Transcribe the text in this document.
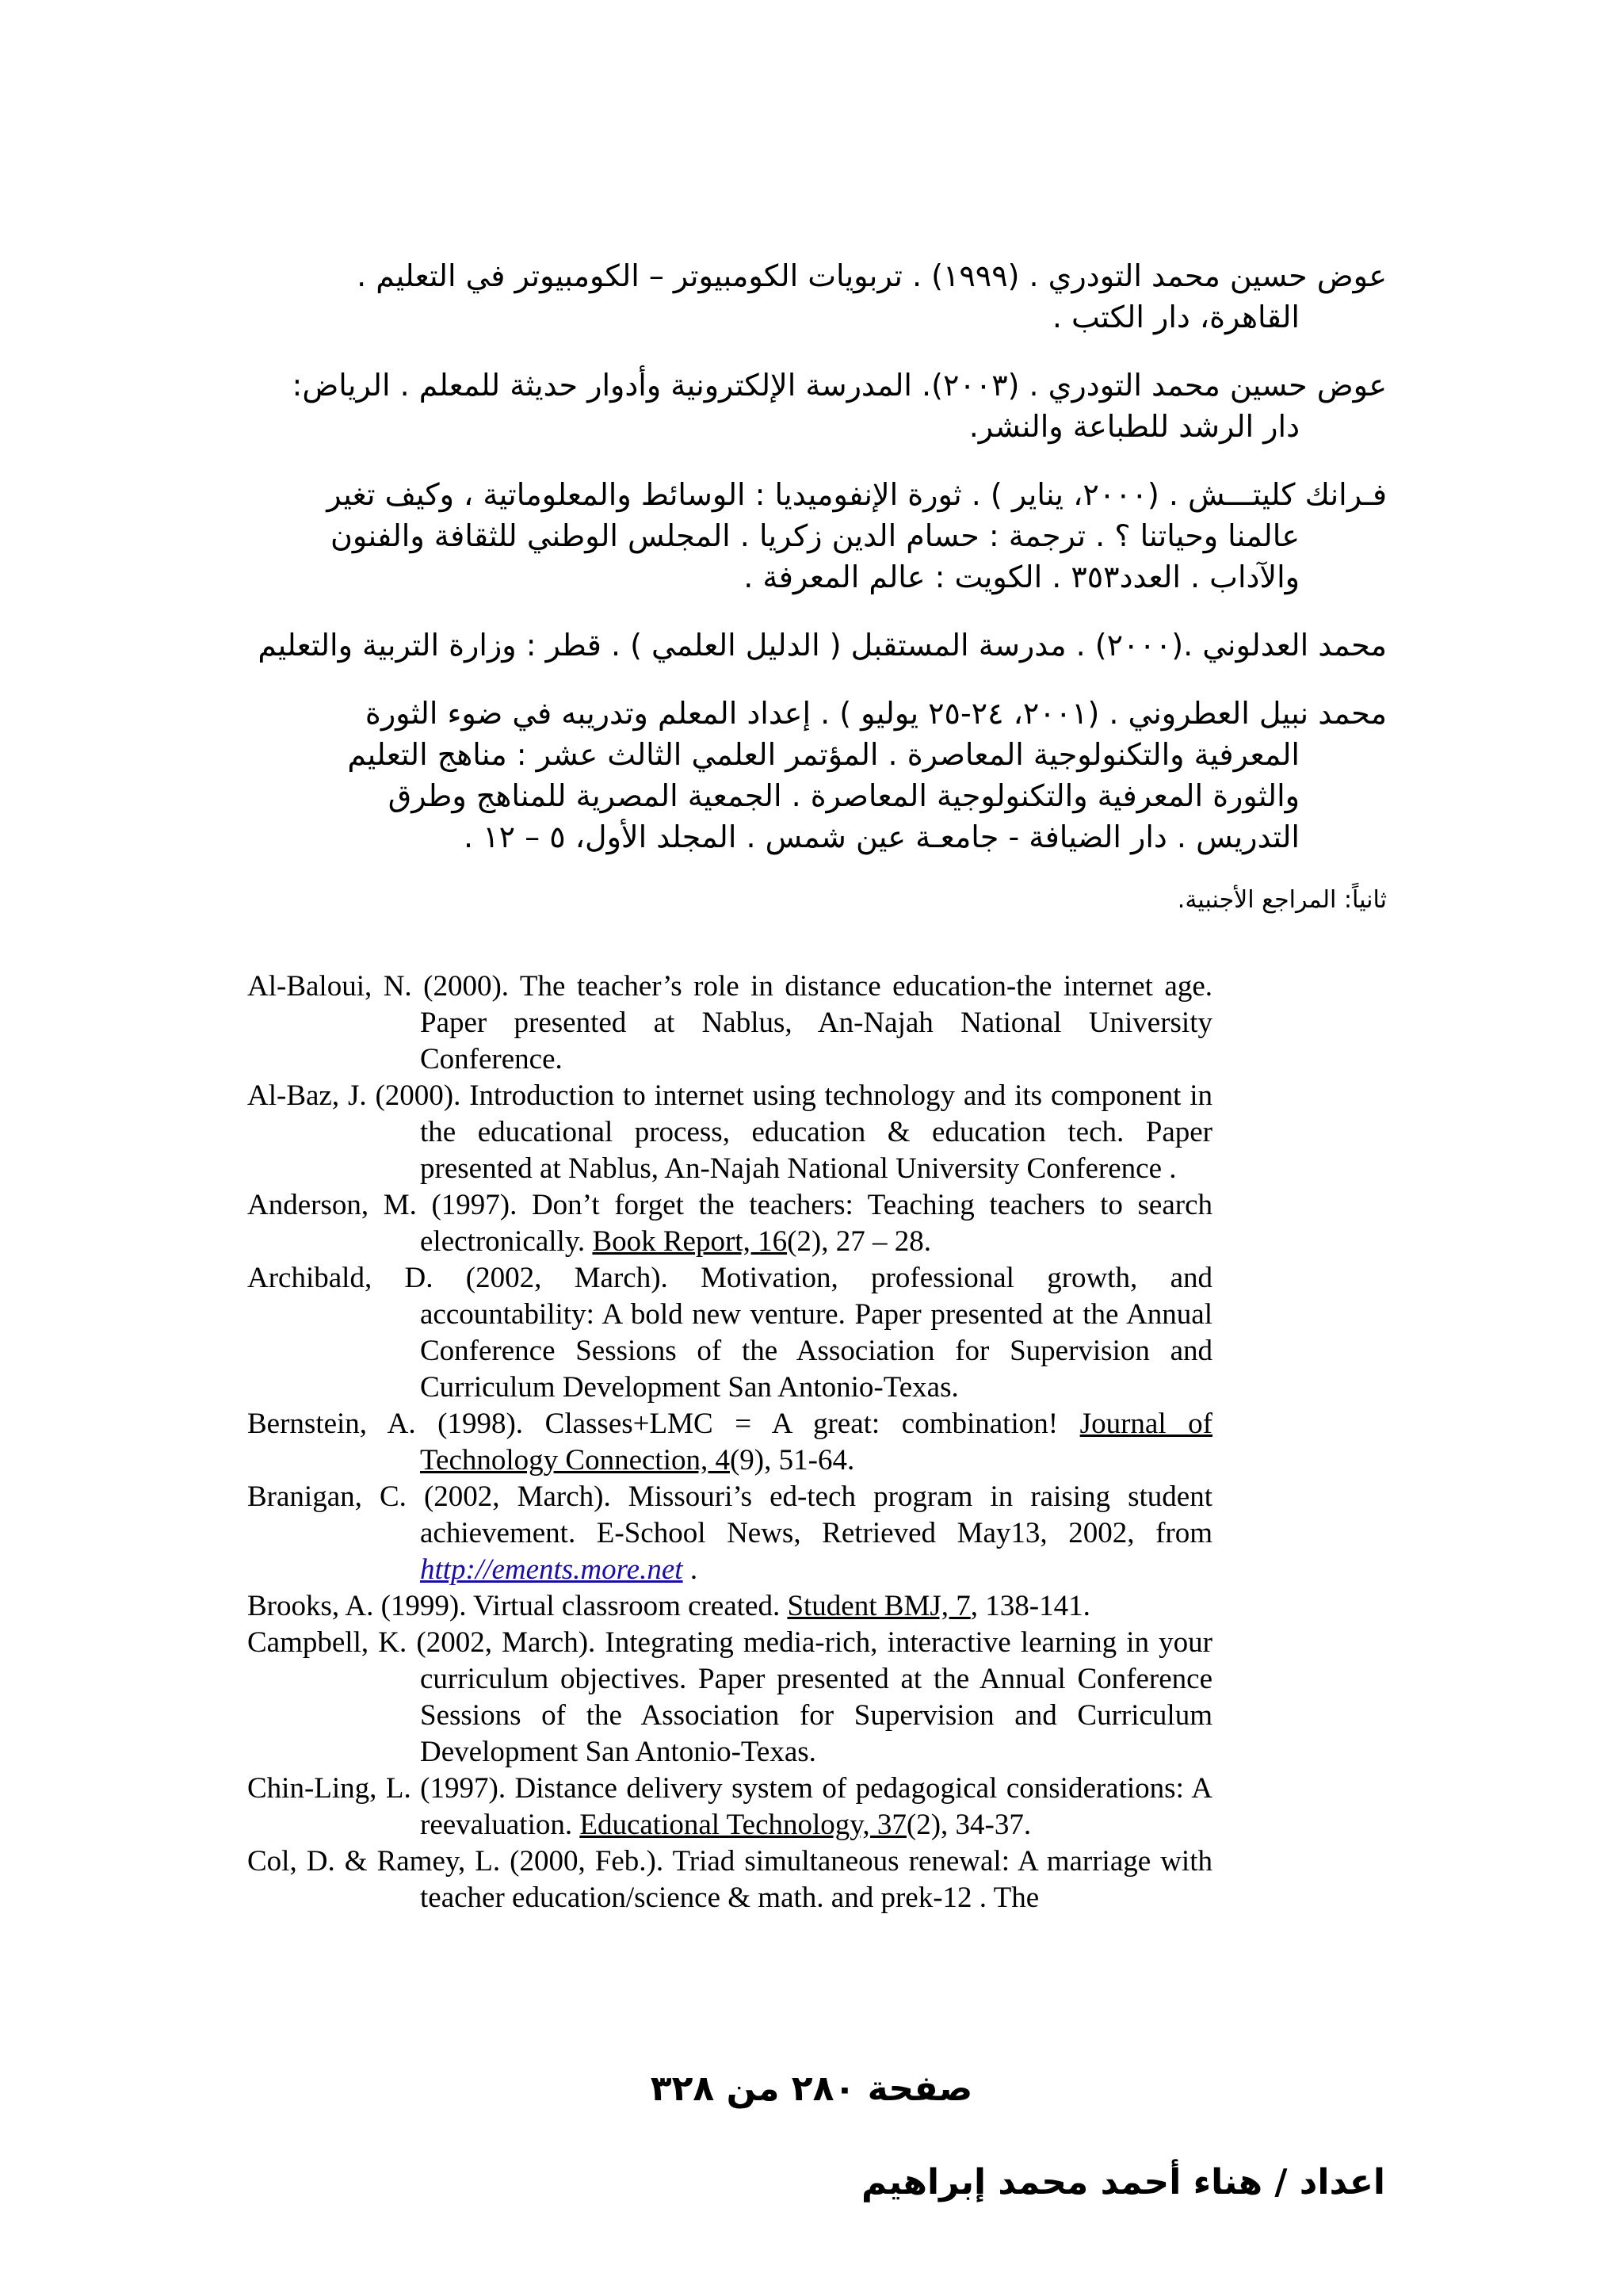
عوض حسين محمد التودري . (١٩٩٩) . تربويات الكومبيوتر – الكومبيوتر في التعليم .
القاهرة، دار الكتب .

عوض حسين محمد التودري . (٢٠٠٣). المدرسة الإلكترونية وأدوار حديثة للمعلم . الرياض:
دار الرشد للطباعة والنشر.

فـرانك كليتـــش . (٢٠٠٠، يناير ) . ثورة الإنفوميديا : الوسائط والمعلوماتية ، وكيف تغير
عالمنا وحياتنا ؟ . ترجمة : حسام الدين زكريا . المجلس الوطني للثقافة والفنون
والآداب . العدد٣٥٣ . الكويت : عالم المعرفة .

محمد العدلوني .(٢٠٠٠) . مدرسة المستقبل ( الدليل العلمي ) . قطر : وزارة التربية والتعليم

محمد نبيل العطروني . (٢٠٠١، ٢٤-٢٥ يوليو ) . إعداد المعلم وتدريبه في ضوء الثورة
المعرفية والتكنولوجية المعاصرة . المؤتمر العلمي الثالث عشر : مناهج التعليم
والثورة المعرفية والتكنولوجية المعاصرة . الجمعية المصرية للمناهج وطرق
التدريس . دار الضيافة - جامعـة عين شمس . المجلد الأول، ٥ – ١٢ .

ثانياً: المراجع الأجنبية.

Al-Baloui, N. (2000). The teacher’s role in distance education-the internet age. Paper presented at Nablus, An-Najah National University Conference.

Al-Baz, J. (2000). Introduction to internet using technology and its component in the educational process, education & education tech. Paper presented at Nablus, An-Najah National University Conference .

Anderson, M. (1997). Don’t forget the teachers: Teaching teachers to search electronically. Book Report, 16(2), 27 – 28.

Archibald, D. (2002, March). Motivation, professional growth, and accountability: A bold new venture. Paper presented at the Annual Conference Sessions of the Association for Supervision and Curriculum Development San Antonio-Texas.

Bernstein, A. (1998). Classes+LMC = A great: combination! Journal of Technology Connection, 4(9), 51-64.

Branigan, C. (2002, March). Missouri’s ed-tech program in raising student achievement. E-School News, Retrieved May13, 2002, from http://ements.more.net .

Brooks, A. (1999). Virtual classroom created. Student BMJ, 7, 138-141.

Campbell, K. (2002, March). Integrating media-rich, interactive learning in your curriculum objectives. Paper presented at the Annual Conference Sessions of the Association for Supervision and Curriculum Development San Antonio-Texas.

Chin-Ling, L. (1997). Distance delivery system of pedagogical considerations: A reevaluation. Educational Technology, 37(2), 34-37.

Col, D. & Ramey, L. (2000, Feb.). Triad simultaneous renewal: A marriage with teacher education/science & math. and prek-12 . The

صفحة ٢٨٠ من ٣٢٨
اعداد / هناء أحمد محمد إبراهيم
